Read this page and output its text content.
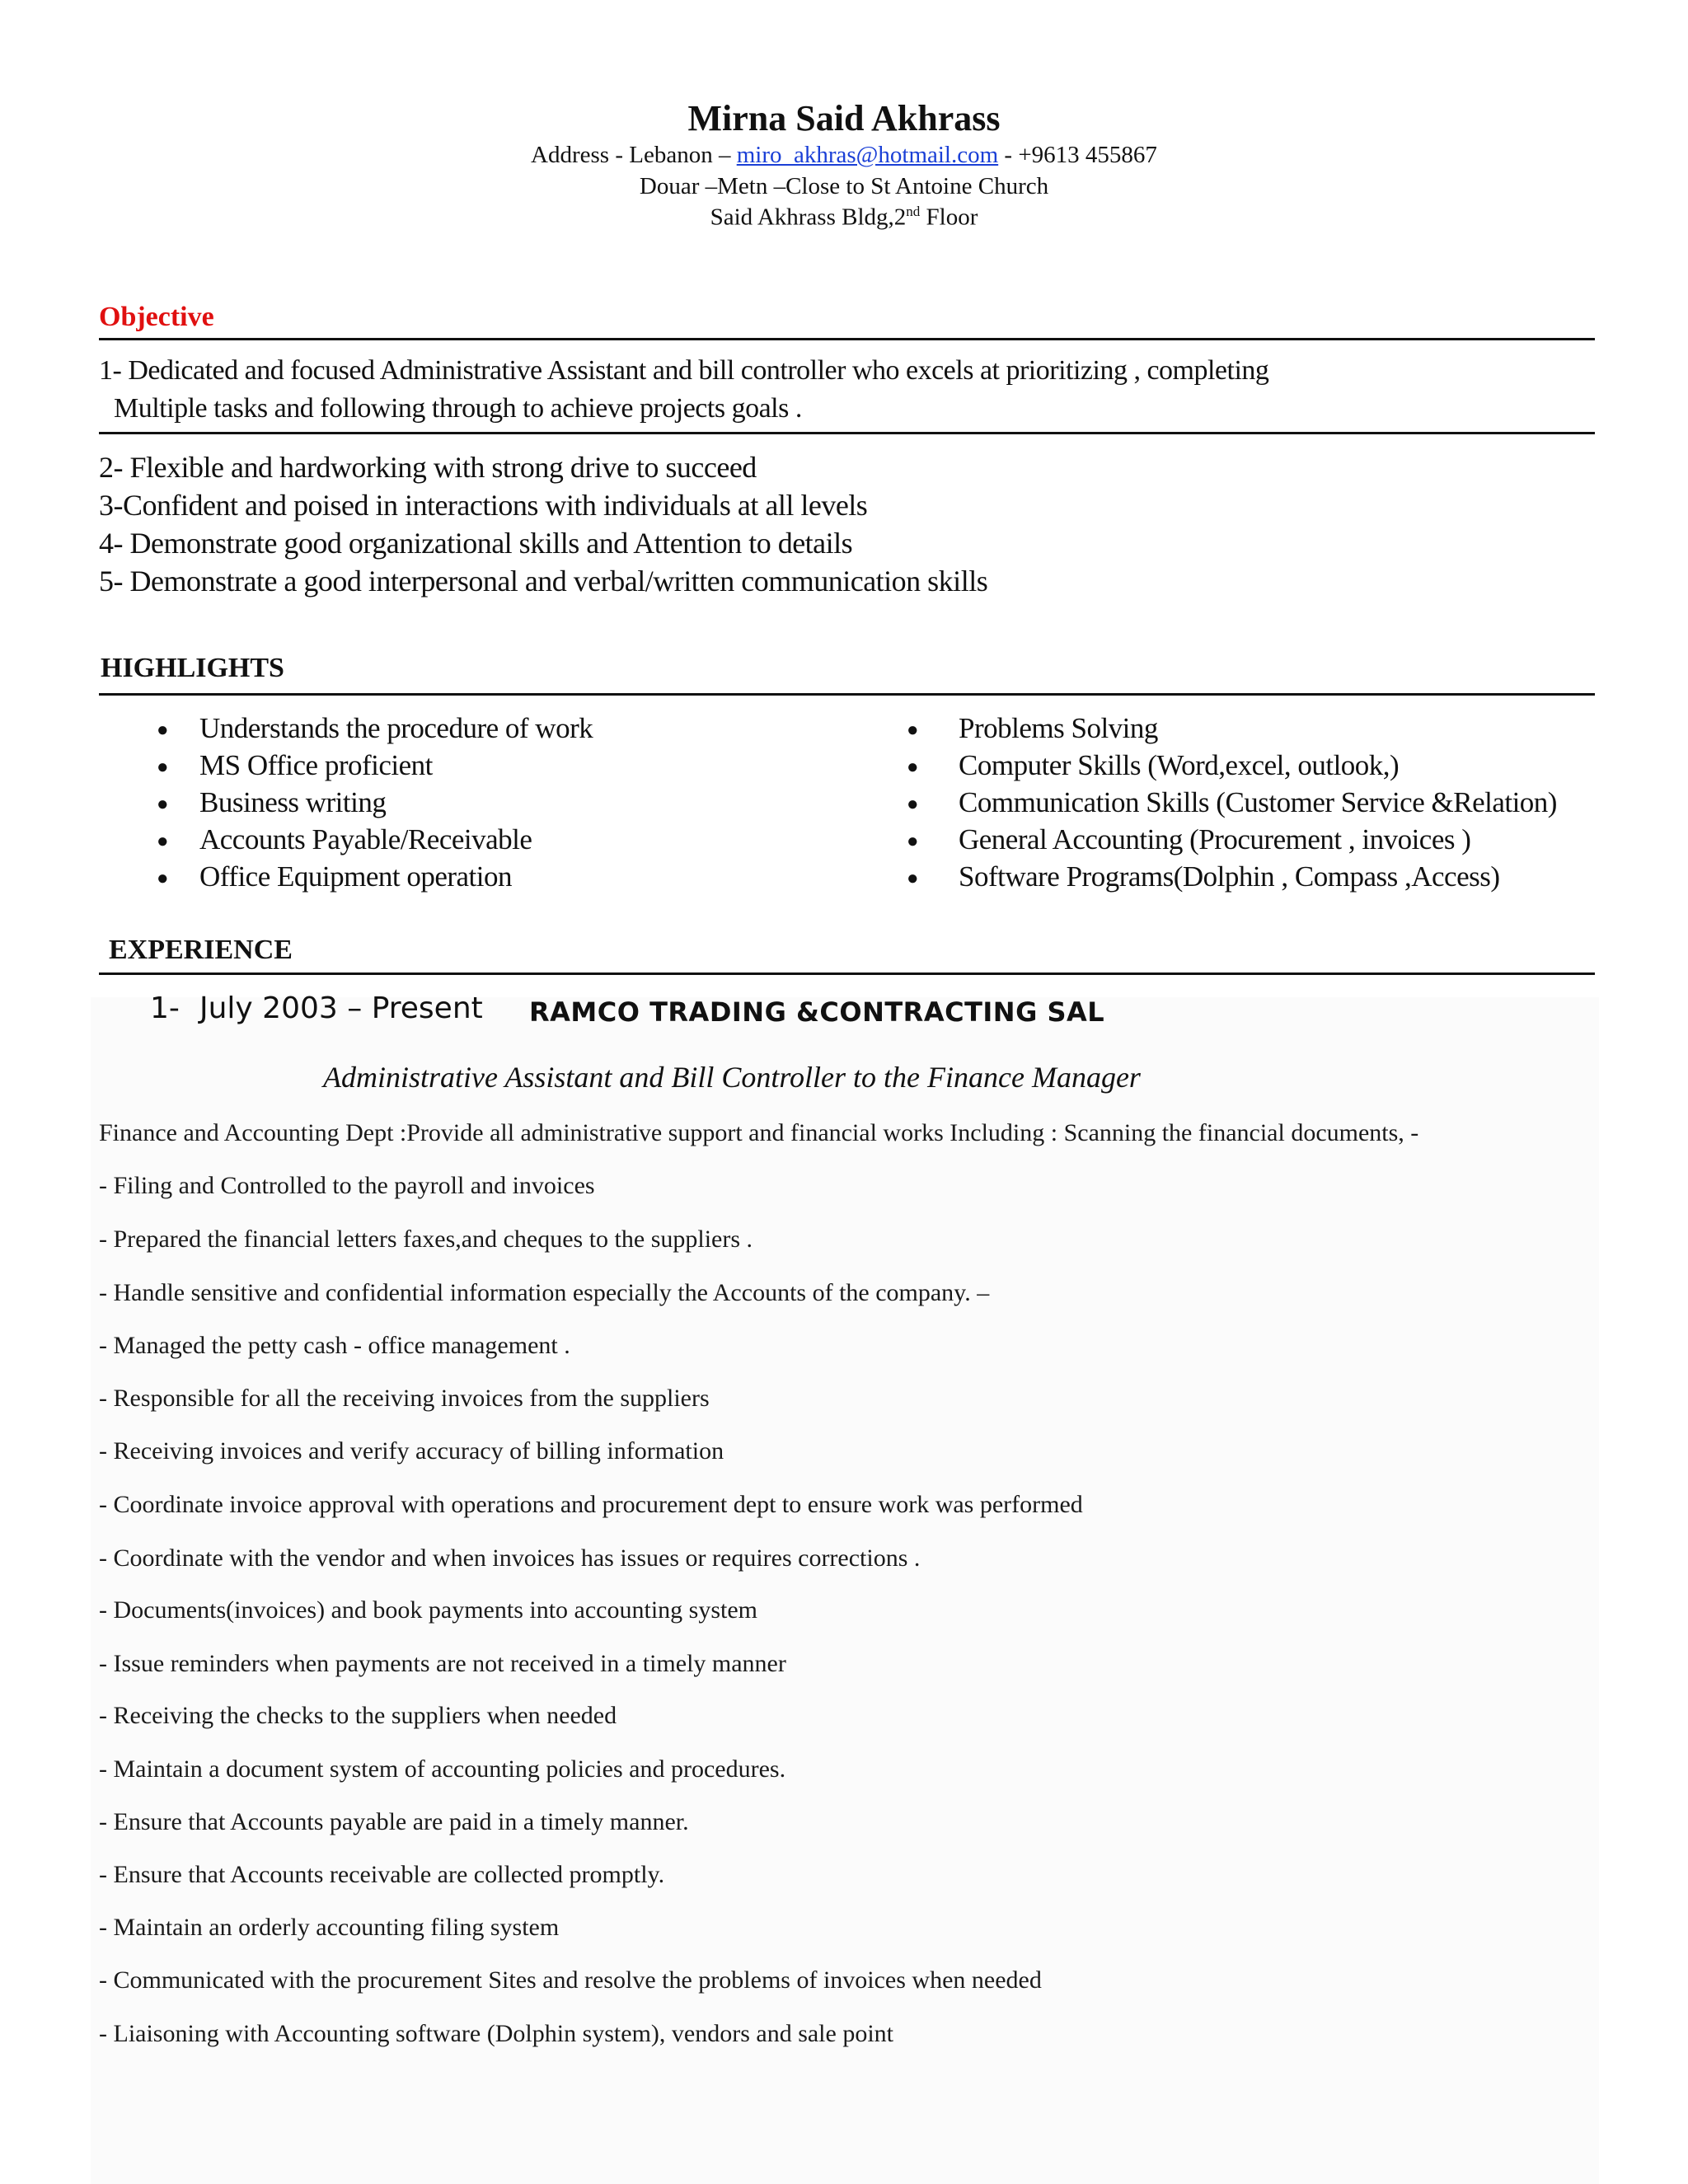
Mirna Said Akhrass
Address - Lebanon – miro_akhras@hotmail.com - +9613 455867
Douar –Metn –Close to St Antoine Church
Said Akhrass Bldg,2nd Floor
Objective
1- Dedicated and focused Administrative Assistant and bill controller who excels at prioritizing , completing
Multiple tasks and following through to achieve projects goals .
2- Flexible and hardworking with strong drive to succeed
3-Confident and poised in interactions with individuals at all levels
4- Demonstrate good organizational skills and Attention to details
5- Demonstrate a good interpersonal and verbal/written communication skills
HIGHLIGHTS
● Understands the procedure of work
● MS Office proficient
● Business writing
● Accounts Payable/Receivable
● Office Equipment operation
● Problems Solving
● Computer Skills (Word,excel, outlook,)
● Communication Skills (Customer Service &Relation)
● General Accounting (Procurement , invoices )
● Software Programs(Dolphin , Compass ,Access)
EXPERIENCE
1- July 2003 – Present RAMCO TRADING &CONTRACTING SAL
Administrative Assistant and Bill Controller to the Finance Manager
Finance and Accounting Dept :Provide all administrative support and financial works Including : Scanning the financial documents, -
- Filing and Controlled to the payroll and invoices
- Prepared the financial letters faxes,and cheques to the suppliers .
- Handle sensitive and confidential information especially the Accounts of the company. –
- Managed the petty cash - office management .
- Responsible for all the receiving invoices from the suppliers
- Receiving invoices and verify accuracy of billing information
- Coordinate invoice approval with operations and procurement dept to ensure work was performed
- Coordinate with the vendor and when invoices has issues or requires corrections .
- Documents(invoices) and book payments into accounting system
- Issue reminders when payments are not received in a timely manner
- Receiving the checks to the suppliers when needed
- Maintain a document system of accounting policies and procedures.
- Ensure that Accounts payable are paid in a timely manner.
- Ensure that Accounts receivable are collected promptly.
- Maintain an orderly accounting filing system
- Communicated with the procurement Sites and resolve the problems of invoices when needed
- Liaisoning with Accounting software (Dolphin system), vendors and sale point
